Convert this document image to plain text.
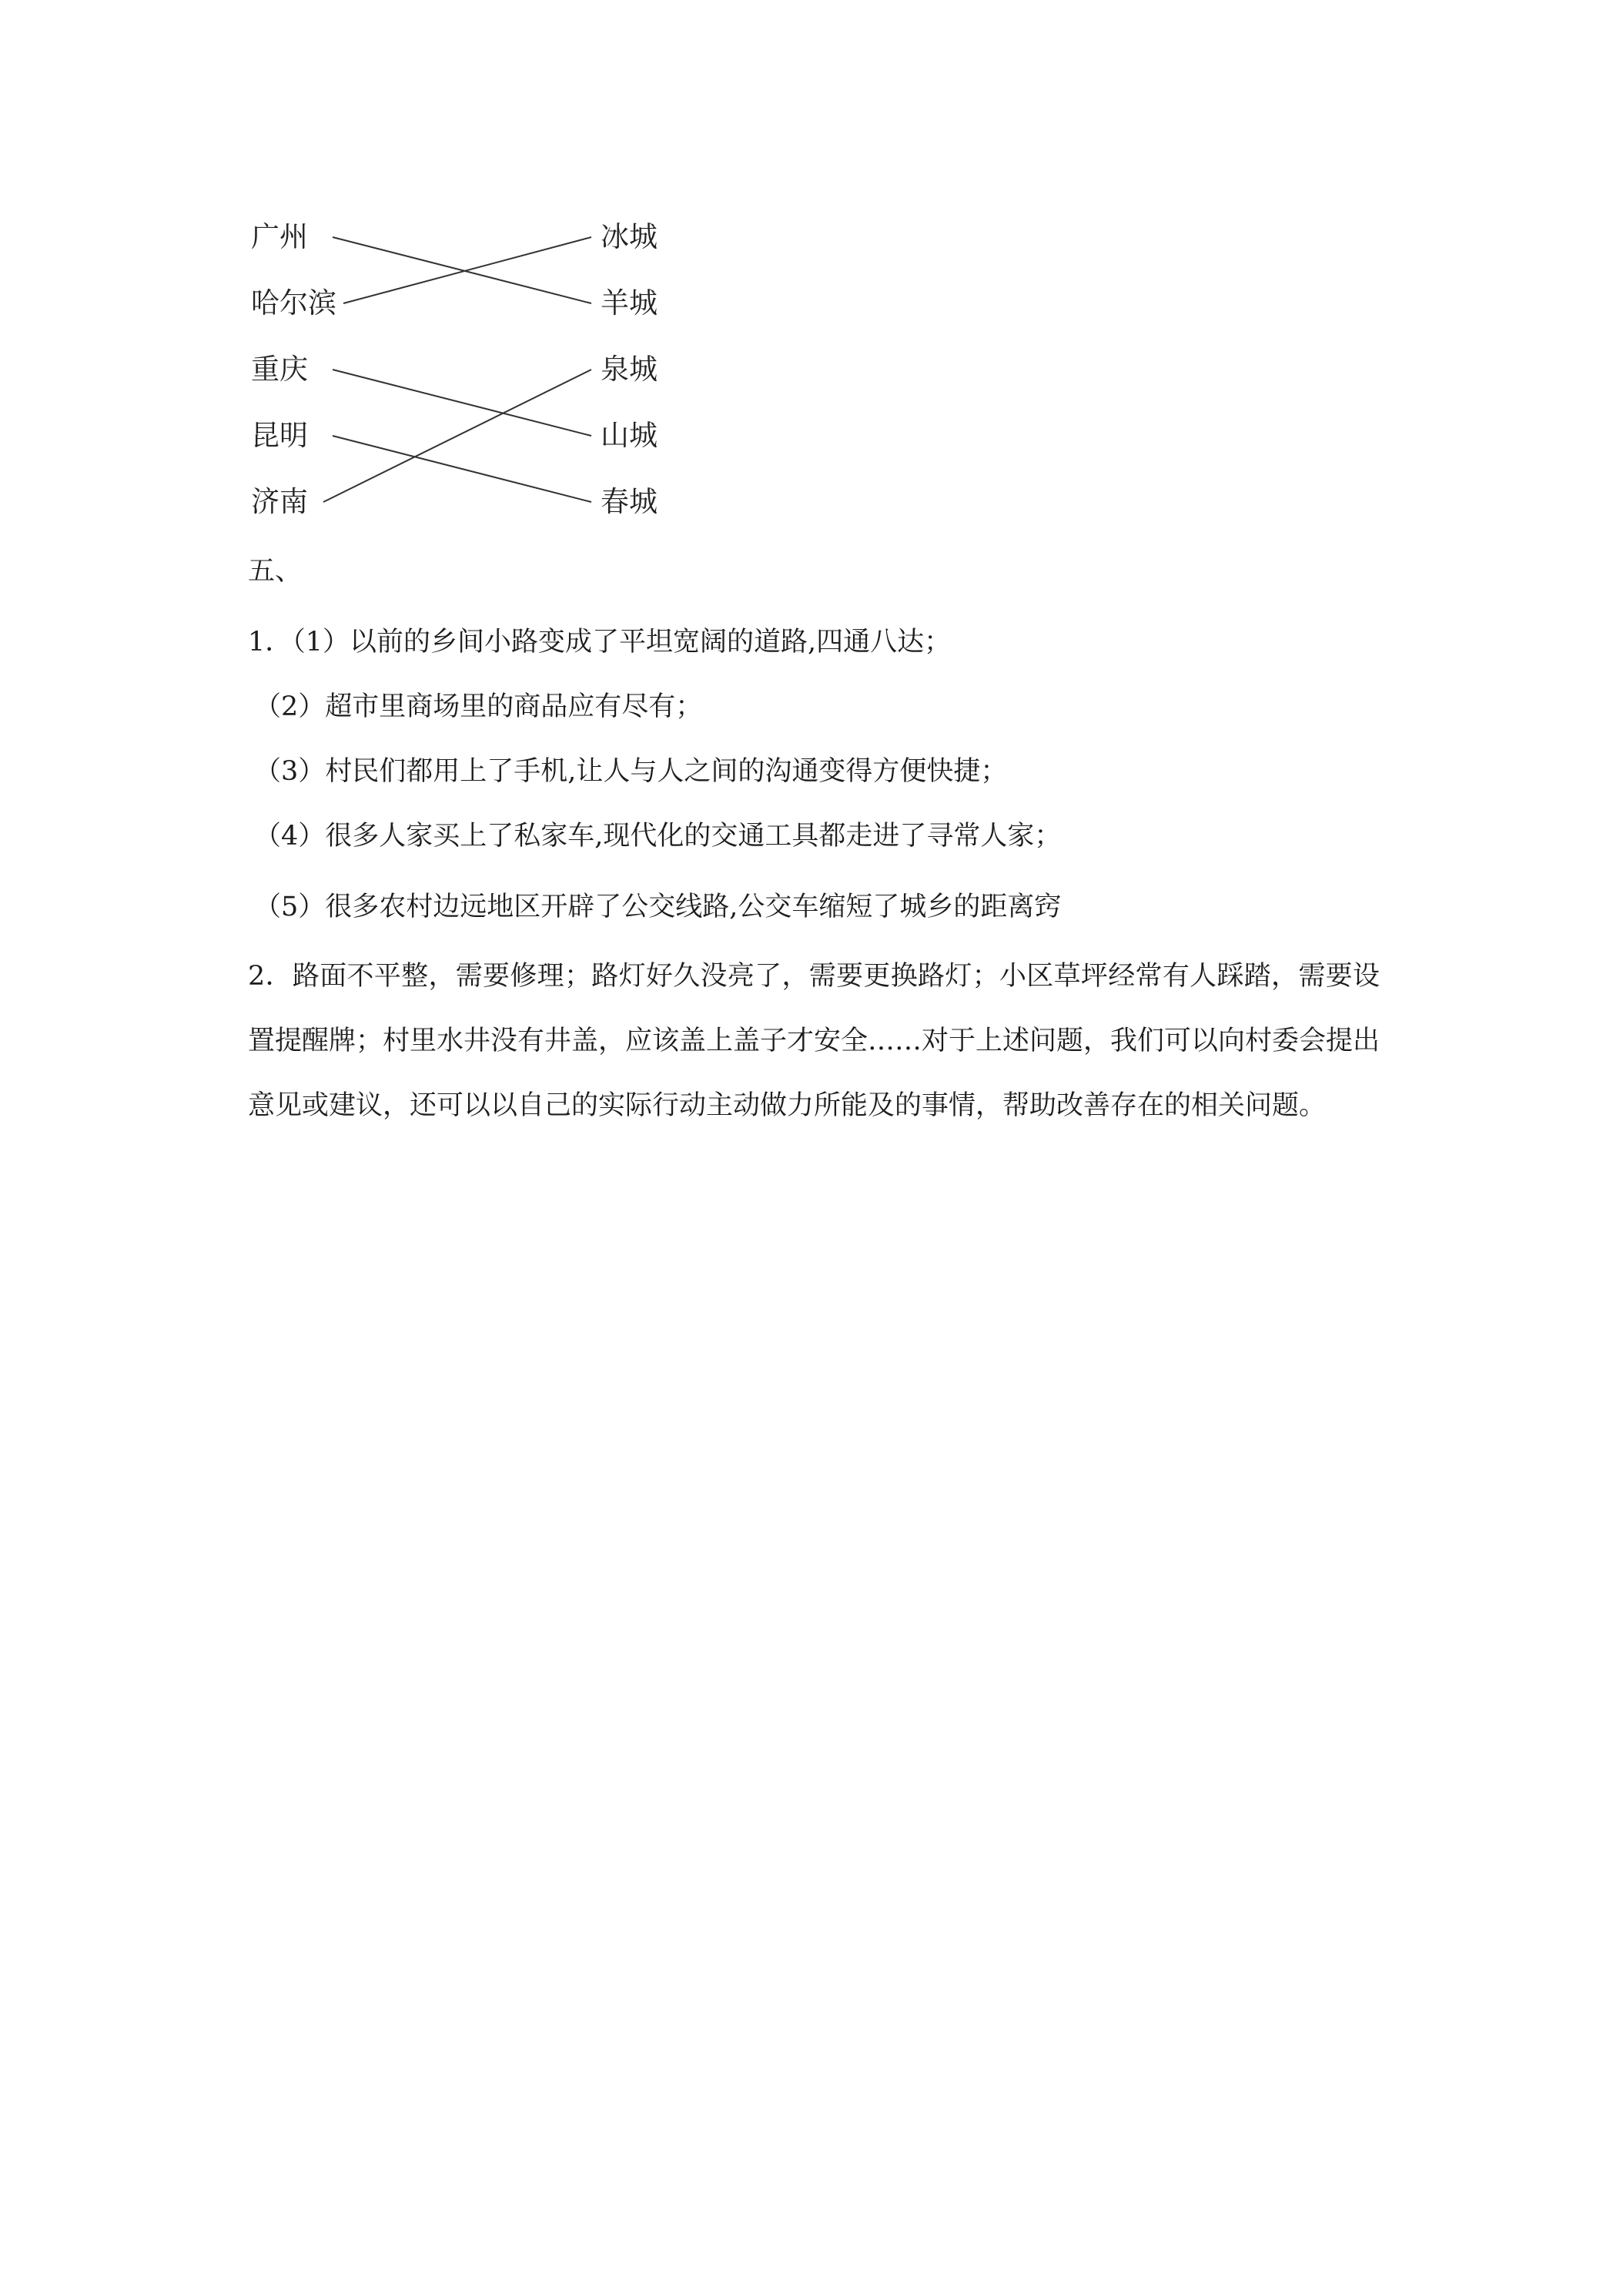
广州
哈尔滨
重庆
昆明
济南
冰城
羊城
泉城
山城
春城
五、
1．（1）以前的乡间小路变成了平坦宽阔的道路,四通八达；
（2）超市里商场里的商品应有尽有；
（3）村民们都用上了手机,让人与人之间的沟通变得方便快捷；
（4）很多人家买上了私家车,现代化的交通工具都走进了寻常人家；
（5）很多农村边远地区开辟了公交线路,公交车缩短了城乡的距离窍
2．路面不平整，需要修理；路灯好久没亮了，需要更换路灯；小区草坪经常有人踩踏，需要设置提醒牌；村里水井没有井盖，应该盖上盖子才安全……对于上述问题，我们可以向村委会提出意见或建议，还可以以自己的实际行动主动做力所能及的事情，帮助改善存在的相关问题。
